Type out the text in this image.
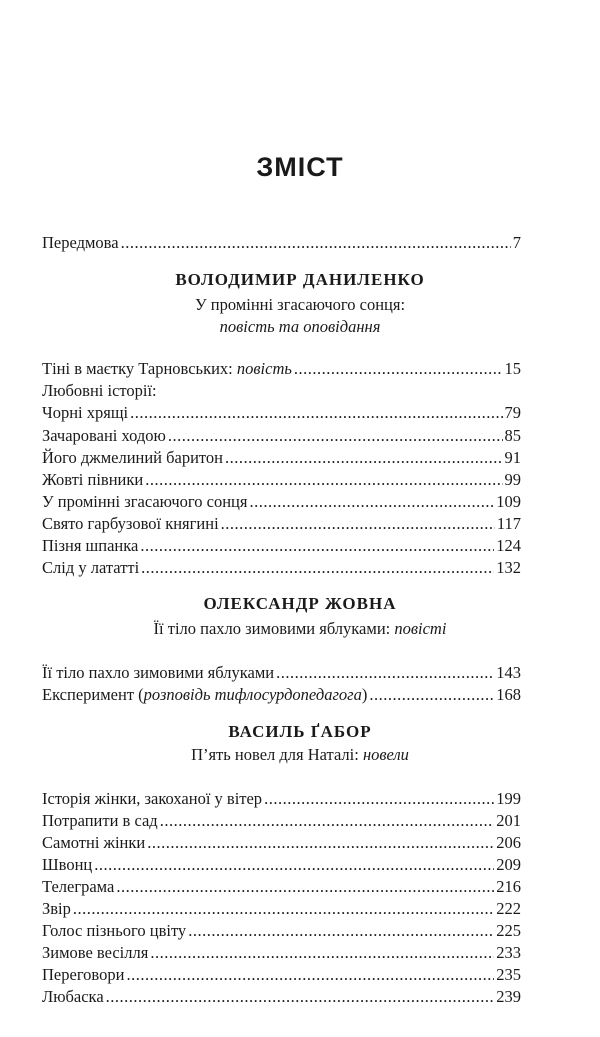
ЗМІСТ
Передмова .....	7
ВОЛОДИМИР ДАНИЛЕНКО
У промінні згасаючого сонця:
повість та оповідання
Тіні в маєтку Тарновських: повість .....	15
Любовні історії:
Чорні хрящі .....	79
Зачаровані ходою .....	85
Його джмелиний баритон .....	91
Жовті півники .....	99
У промінні згасаючого сонця .....	109
Свято гарбузової княгині .....	117
Пізня шпанка .....	124
Слід у лататті .....	132
ОЛЕКСАНДР ЖОВНА
Її тіло пахло зимовими яблуками: повісті
Її тіло пахло зимовими яблуками .....	143
Експеримент (розповідь тифлосурдопедагога) .....	168
ВАСИЛЬ ҐАБОР
П’ять новел для Наталі: новели
Історія жінки, закоханої у вітер .....	199
Потрапити в сад .....	201
Самотні жінки .....	206
Швонц .....	209
Телеграма .....	216
Звір .....	222
Голос пізнього цвіту .....	225
Зимове весілля .....	233
Переговори .....	235
Любаска .....	239
